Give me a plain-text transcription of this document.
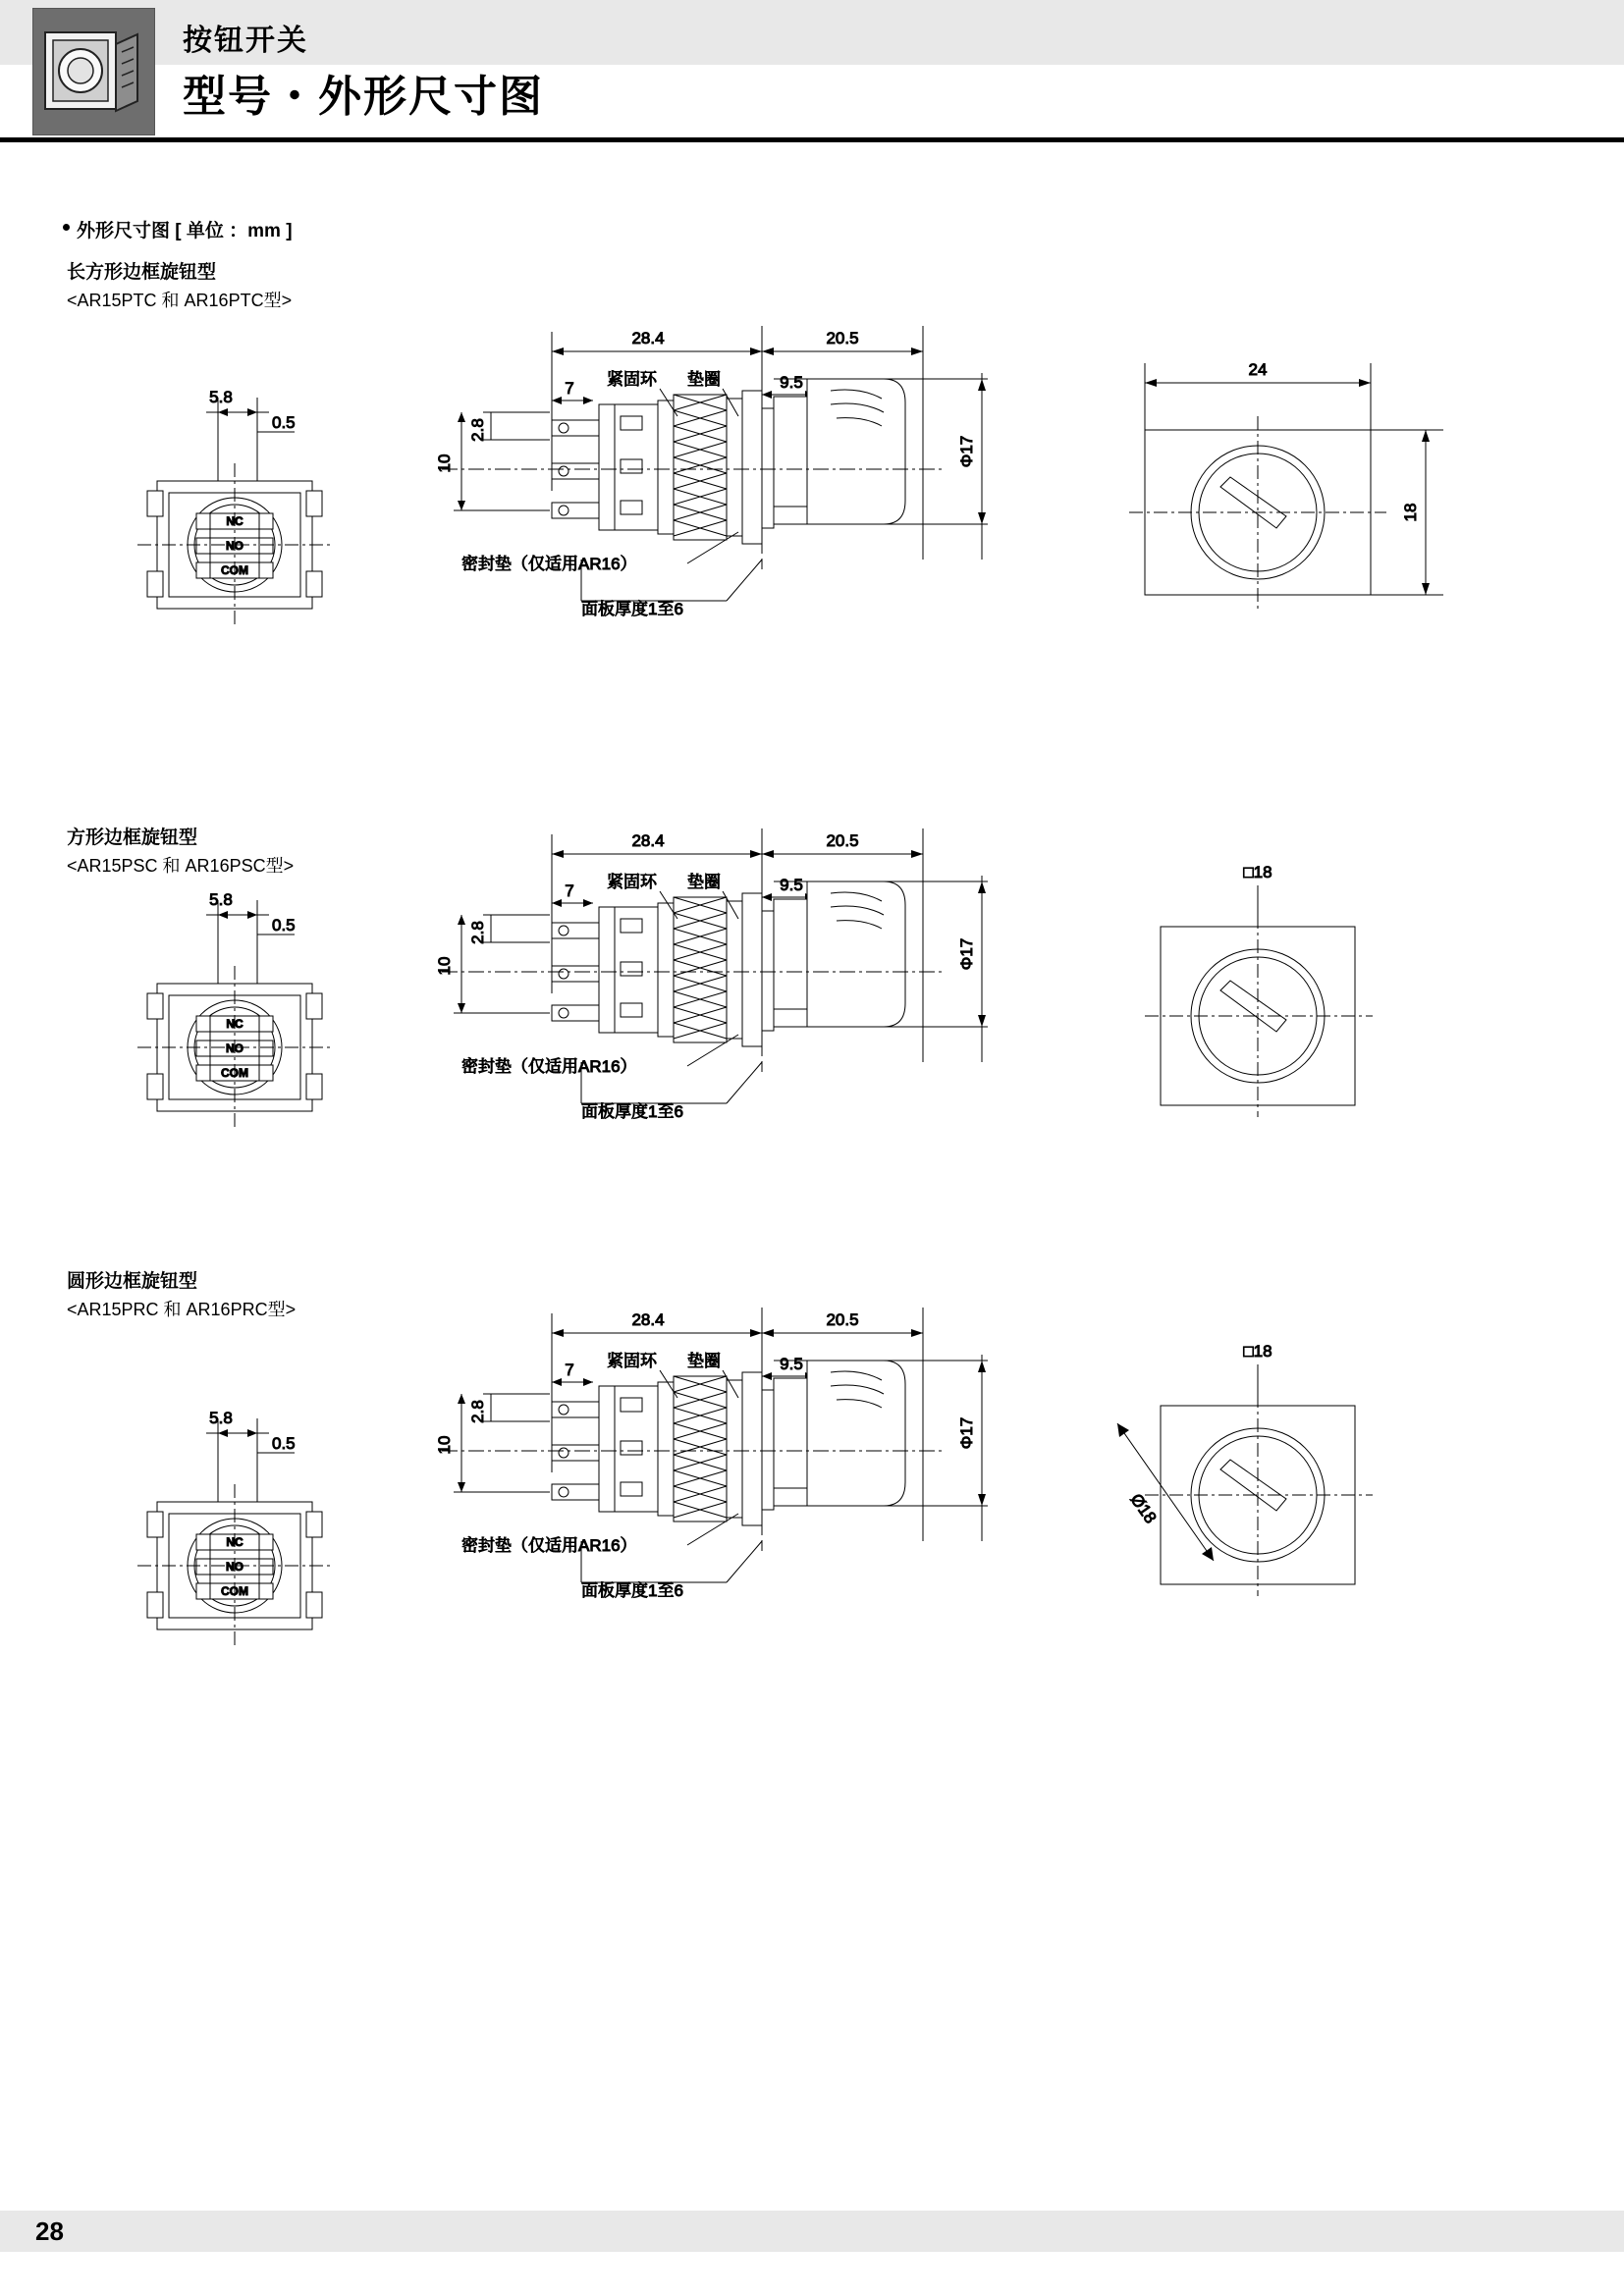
按钮开关
型号・外形尺寸图
外形尺寸图 [ 单位 ：mm ]
长方形边框旋钮型
<AR15PTC 和 AR16PTC型>
5.8
0.5
NC
NO
COM
28.4	20.5
9.5
7
2.8
10	Φ17
紧固环 垫圈
密封垫（仅适用AR16）
面板厚度1至6
24
18
方形边框旋钮型
<AR15PSC 和 AR16PSC型>
5.8
0.5
NC
NO
COM
28.4	20.5
9.5
7
2.8
10	Φ17
紧固环 垫圈
密封垫（仅适用AR16）
面板厚度1至6
□18
圆形边框旋钮型
<AR15PRC 和 AR16PRC型>
5.8
0.5
NC
NO
COM
28.4	20.5
9.5
7
2.8
10	Φ17
紧固环 垫圈
密封垫（仅适用AR16）
面板厚度1至6
□18
Ø18
28
